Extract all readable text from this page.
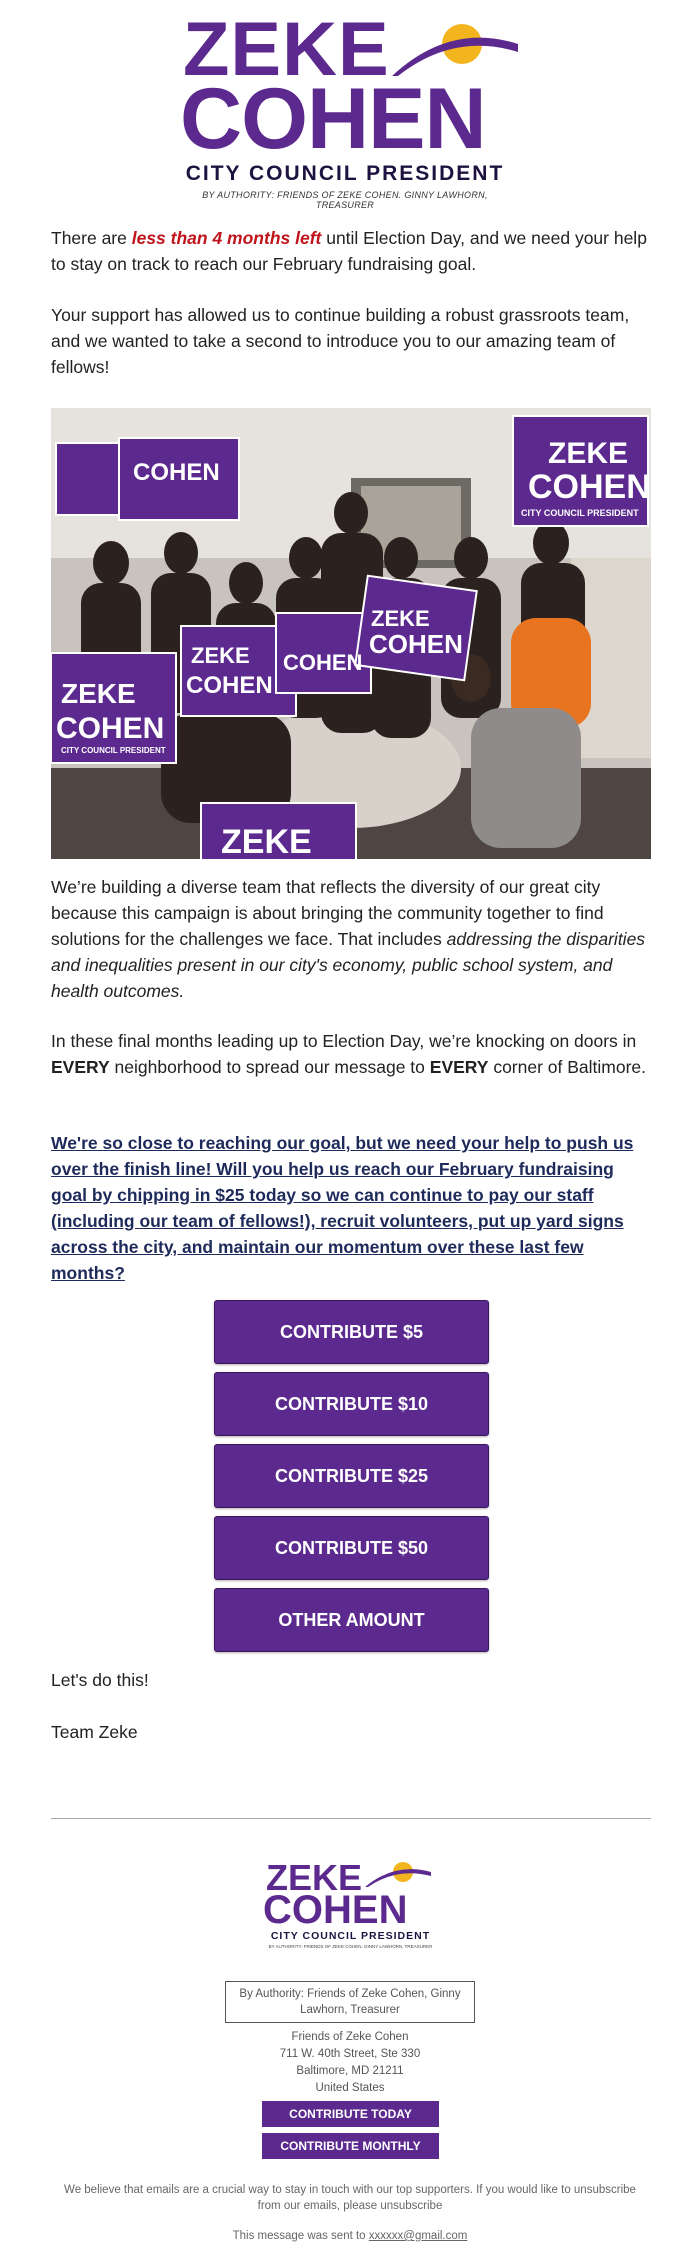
ZEKE
COHEN
CITY COUNCIL PRESIDENT
BY AUTHORITY: FRIENDS OF ZEKE COHEN. GINNY LAWHORN, TREASURER

There are less than 4 months left until Election Day, and we need your help to stay on track to reach our February fundraising goal.

Your support has allowed us to continue building a robust grassroots team, and we wanted to take a second to introduce you to our amazing team of fellows!

ZEKE
COHEN
CITY COUNCIL PRESIDENT
ZEKE
COHEN
CITY COUNCIL PRESIDENT
COHEN
ZEKE
COHEN
COHEN
ZEKE
COHEN
ZEKE

We’re building a diverse team that reflects the diversity of our great city because this campaign is about bringing the community together to find solutions for the challenges we face. That includes addressing the disparities and inequalities present in our city's economy, public school system, and health outcomes.

In these final months leading up to Election Day, we’re knocking on doors in EVERY neighborhood to spread our message to EVERY corner of Baltimore.

We're so close to reaching our goal, but we need your help to push us over the finish line! Will you help us reach our February fundraising goal by chipping in $25 today so we can continue to pay our staff (including our team of fellows!), recruit volunteers, put up yard signs across the city, and maintain our momentum over these last few months?
CONTRIBUTE $5
CONTRIBUTE $10
CONTRIBUTE $25
CONTRIBUTE $50
OTHER AMOUNT

Let's do this!

Team Zeke

ZEKE
COHEN
CITY COUNCIL PRESIDENT
BY AUTHORITY: FRIENDS OF ZEKE COHEN. GINNY LAWHORN, TREASURER
By Authority: Friends of Zeke Cohen, Ginny Lawhorn, Treasurer
Friends of Zeke Cohen
711 W. 40th Street, Ste 330
Baltimore, MD 21211
United States
CONTRIBUTE TODAY
CONTRIBUTE MONTHLY
We believe that emails are a crucial way to stay in touch with our top supporters. If you would like to unsubscribe from our emails, please unsubscribe
This message was sent to xxxxxx@gmail.com
